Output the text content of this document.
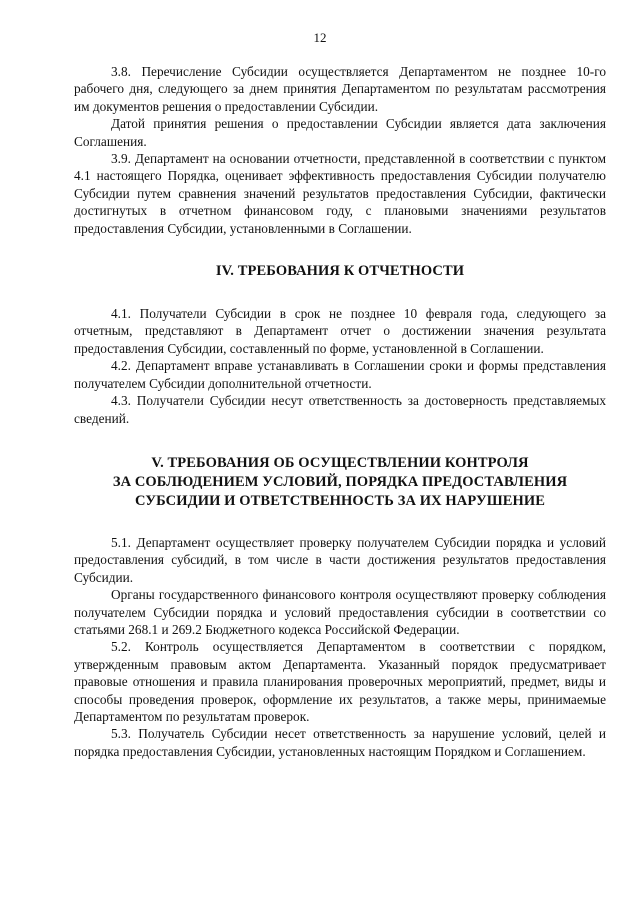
12

3.8. Перечисление Субсидии осуществляется Департаментом не позднее 10-го рабочего дня, следующего за днем принятия Департаментом по результатам рассмотрения им документов решения о предоставлении Субсидии.

Датой принятия решения о предоставлении Субсидии является дата заключения Соглашения.

3.9. Департамент на основании отчетности, представленной в соответствии с пунктом 4.1 настоящего Порядка, оценивает эффективность предоставления Субсидии получателю Субсидии путем сравнения значений результатов предоставления Субсидии, фактически достигнутых в отчетном финансовом году, с плановыми значениями результатов предоставления Субсидии, установленными в Соглашении.

IV. ТРЕБОВАНИЯ К ОТЧЕТНОСТИ

4.1. Получатели Субсидии в срок не позднее 10 февраля года, следующего за отчетным, представляют в Департамент отчет о достижении значения результата предоставления Субсидии, составленный по форме, установленной в Соглашении.

4.2. Департамент вправе устанавливать в Соглашении сроки и формы представления получателем Субсидии дополнительной отчетности.

4.3. Получатели Субсидии несут ответственность за достоверность представляемых сведений.

V. ТРЕБОВАНИЯ ОБ ОСУЩЕСТВЛЕНИИ КОНТРОЛЯ
ЗА СОБЛЮДЕНИЕМ УСЛОВИЙ, ПОРЯДКА ПРЕДОСТАВЛЕНИЯ
СУБСИДИИ И ОТВЕТСТВЕННОСТЬ ЗА ИХ НАРУШЕНИЕ

5.1. Департамент осуществляет проверку получателем Субсидии порядка и условий предоставления субсидий, в том числе в части достижения результатов предоставления Субсидии.

Органы государственного финансового контроля осуществляют проверку соблюдения получателем Субсидии порядка и условий предоставления субсидии в соответствии со статьями 268.1 и 269.2 Бюджетного кодекса Российской Федерации.

5.2. Контроль осуществляется Департаментом в соответствии с порядком, утвержденным правовым актом Департамента. Указанный порядок предусматривает правовые отношения и правила планирования проверочных мероприятий, предмет, виды и способы проведения проверок, оформление их результатов, а также меры, принимаемые Департаментом по результатам проверок.

5.3. Получатель Субсидии несет ответственность за нарушение условий, целей и порядка предоставления Субсидии, установленных настоящим Порядком и Соглашением.
